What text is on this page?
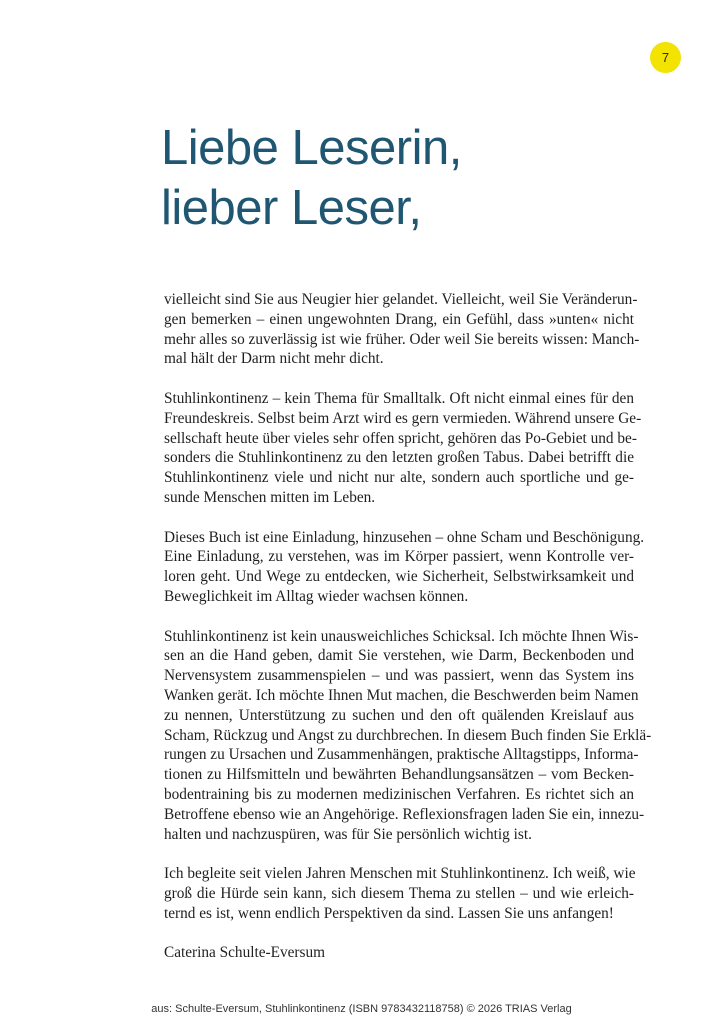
7
Liebe Leserin,
lieber Leser,

vielleicht sind Sie aus Neugier hier gelandet. Vielleicht, weil Sie Veränderun-
gen bemerken – einen ungewohnten Drang, ein Gefühl, dass »unten« nicht
mehr alles so zuverlässig ist wie früher. Oder weil Sie bereits wissen: Manch-
mal hält der Darm nicht mehr dicht.

Stuhlinkontinenz – kein Thema für Smalltalk. Oft nicht einmal eines für den
Freundeskreis. Selbst beim Arzt wird es gern vermieden. Während unsere Ge-
sellschaft heute über vieles sehr offen spricht, gehören das Po-Gebiet und be-
sonders die Stuhlinkontinenz zu den letzten großen Tabus. Dabei betrifft die
Stuhlinkontinenz viele und nicht nur alte, sondern auch sportliche und ge-
sunde Menschen mitten im Leben.

Dieses Buch ist eine Einladung, hinzusehen – ohne Scham und Beschönigung.
Eine Einladung, zu verstehen, was im Körper passiert, wenn Kontrolle ver-
loren geht. Und Wege zu entdecken, wie Sicherheit, Selbstwirksamkeit und
Beweglichkeit im Alltag wieder wachsen können.

Stuhlinkontinenz ist kein unausweichliches Schicksal. Ich möchte Ihnen Wis-
sen an die Hand geben, damit Sie verstehen, wie Darm, Beckenboden und
Nervensystem zusammenspielen – und was passiert, wenn das System ins
Wanken gerät. Ich möchte Ihnen Mut machen, die Beschwerden beim Namen
zu nennen, Unterstützung zu suchen und den oft quälenden Kreislauf aus
Scham, Rückzug und Angst zu durchbrechen. In diesem Buch finden Sie Erklä-
rungen zu Ursachen und Zusammenhängen, praktische Alltagstipps, Informa-
tionen zu Hilfsmitteln und bewährten Behandlungsansätzen – vom Becken-
bodentraining bis zu modernen medizinischen Verfahren. Es richtet sich an
Betroffene ebenso wie an Angehörige. Reflexionsfragen laden Sie ein, innezu-
halten und nachzuspüren, was für Sie persönlich wichtig ist.

Ich begleite seit vielen Jahren Menschen mit Stuhlinkontinenz. Ich weiß, wie
groß die Hürde sein kann, sich diesem Thema zu stellen – und wie erleich-
ternd es ist, wenn endlich Perspektiven da sind. Lassen Sie uns anfangen!

Caterina Schulte-Eversum

aus: Schulte-Eversum, Stuhlinkontinenz (ISBN 9783432118758) © 2026 TRIAS Verlag
